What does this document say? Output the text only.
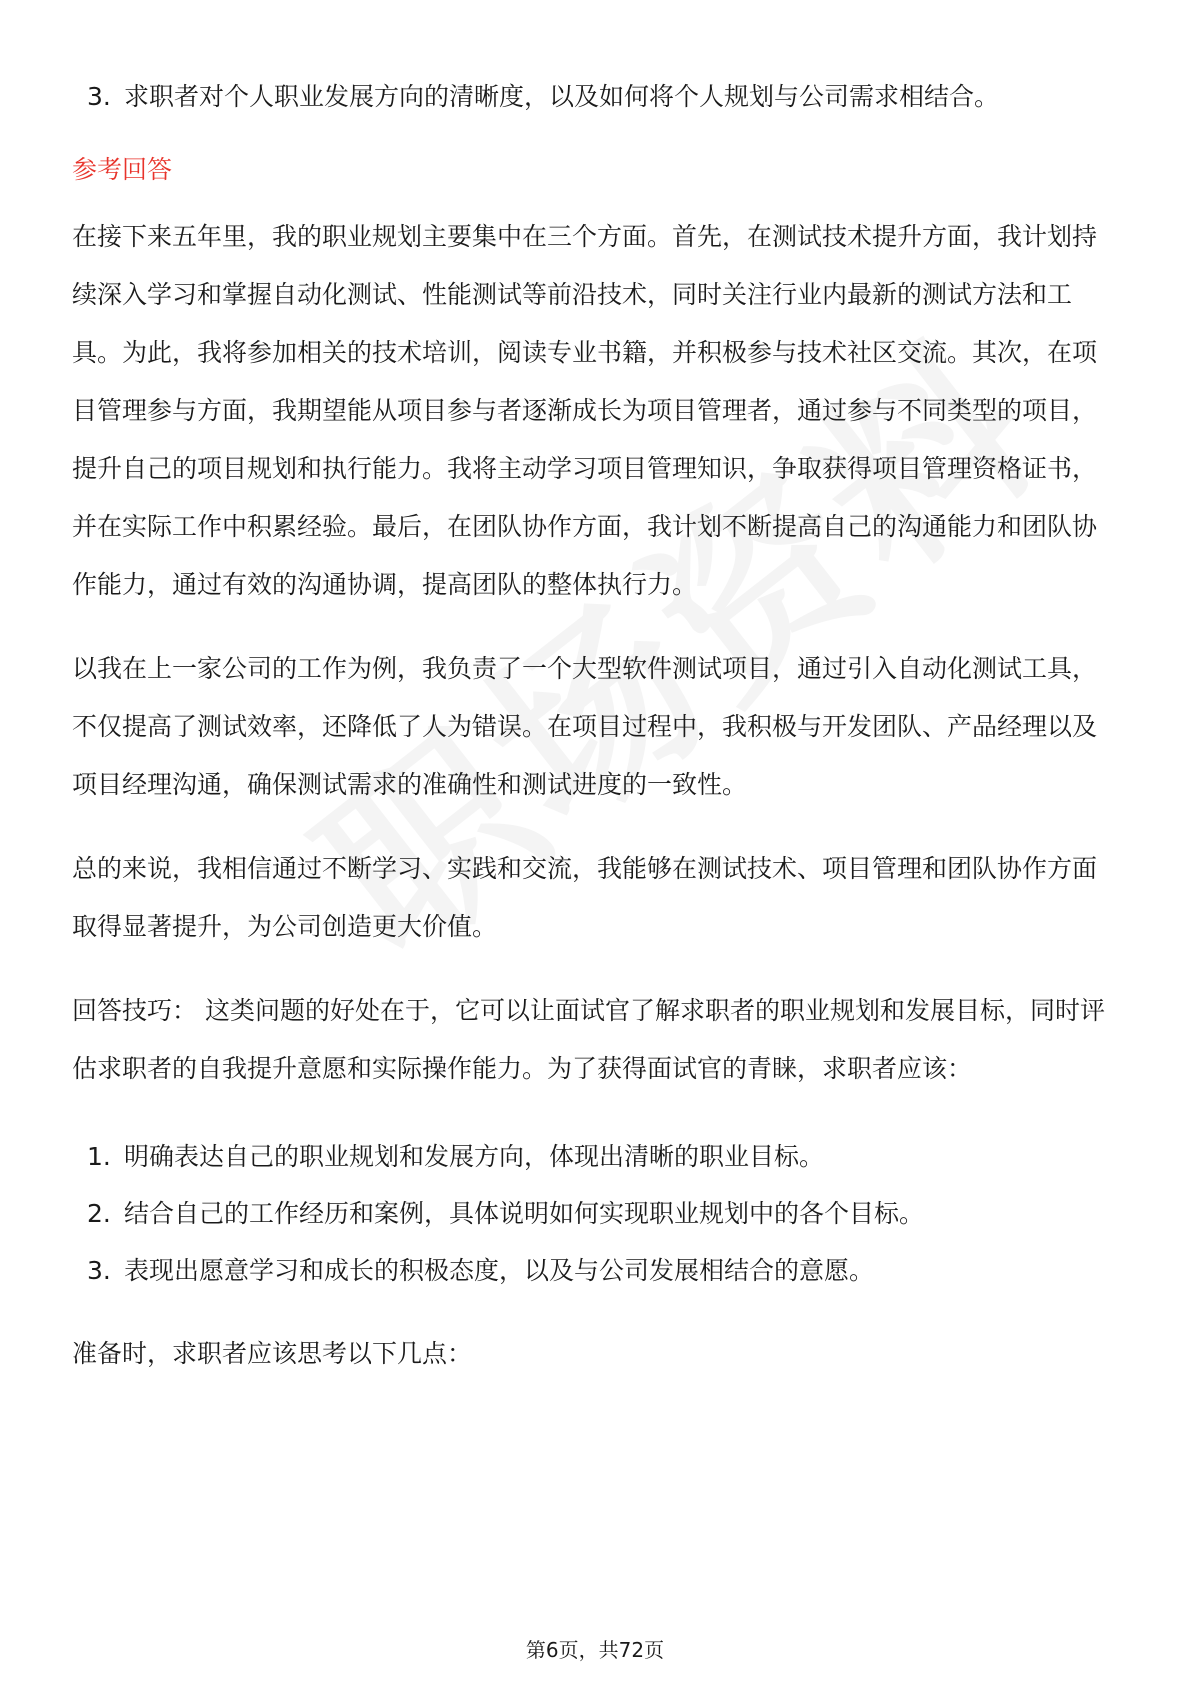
3. 求职者对个人职业发展方向的清晰度，以及如何将个人规划与公司需求相结合。
参考回答

在接下来五年里，我的职业规划主要集中在三个方面。首先，在测试技术提升方面，我计划持续深入学习和掌握自动化测试、性能测试等前沿技术，同时关注行业内最新的测试方法和工具。为此，我将参加相关的技术培训，阅读专业书籍，并积极参与技术社区交流。其次，在项目管理参与方面，我期望能从项目参与者逐渐成长为项目管理者，通过参与不同类型的项目，提升自己的项目规划和执行能力。我将主动学习项目管理知识，争取获得项目管理资格证书，并在实际工作中积累经验。最后，在团队协作方面，我计划不断提高自己的沟通能力和团队协作能力，通过有效的沟通协调，提高团队的整体执行力。

以我在上一家公司的工作为例，我负责了一个大型软件测试项目，通过引入自动化测试工具，不仅提高了测试效率，还降低了人为错误。在项目过程中，我积极与开发团队、产品经理以及项目经理沟通，确保测试需求的准确性和测试进度的一致性。

总的来说，我相信通过不断学习、实践和交流，我能够在测试技术、项目管理和团队协作方面取得显著提升，为公司创造更大价值。

回答技巧： 这类问题的好处在于，它可以让面试官了解求职者的职业规划和发展目标，同时评估求职者的自我提升意愿和实际操作能力。为了获得面试官的青睐，求职者应该：

1. 明确表达自己的职业规划和发展方向，体现出清晰的职业目标。
2. 结合自己的工作经历和案例，具体说明如何实现职业规划中的各个目标。
3. 表现出愿意学习和成长的积极态度，以及与公司发展相结合的意愿。

准备时，求职者应该思考以下几点：

第6页，共72页
